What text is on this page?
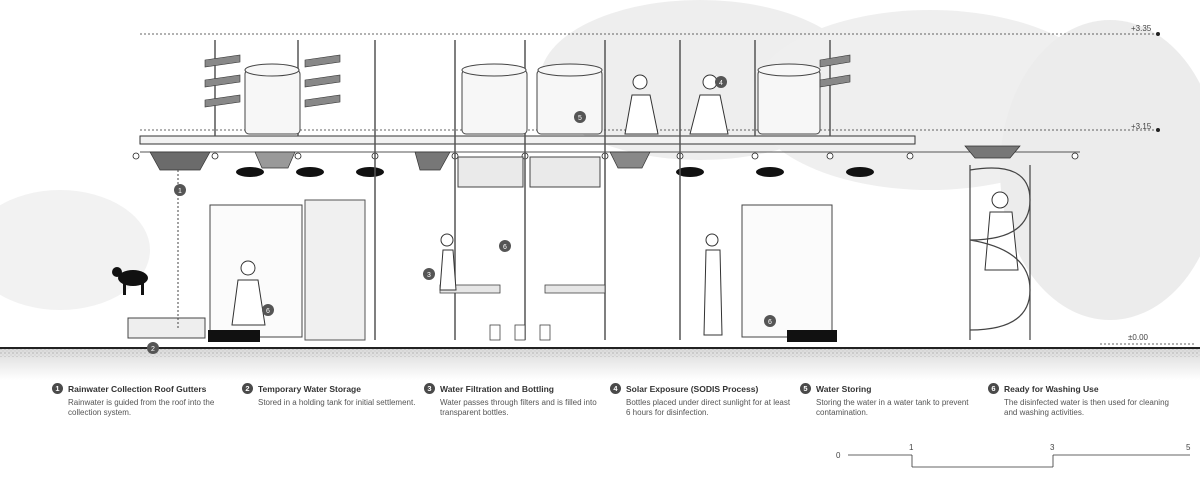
1
2
3
4
5
6
6
6
+3.35
+3.15
±0.00
1 Rainwater Collection Roof Gutters
Rainwater is guided from the roof into the collection system.
2 Temporary Water Storage
Stored in a holding tank for initial settlement.
3 Water Filtration and Bottling
Water passes through filters and is filled into transparent bottles.
4 Solar Exposure (SODIS Process)
Bottles placed under direct sunlight for at least 6 hours for disinfection.
5 Water Storing
Storing the water in a water tank to prevent contamination.
6 Ready for Washing Use
The disinfected water is then used for cleaning and washing activities.
0
1	3	5
